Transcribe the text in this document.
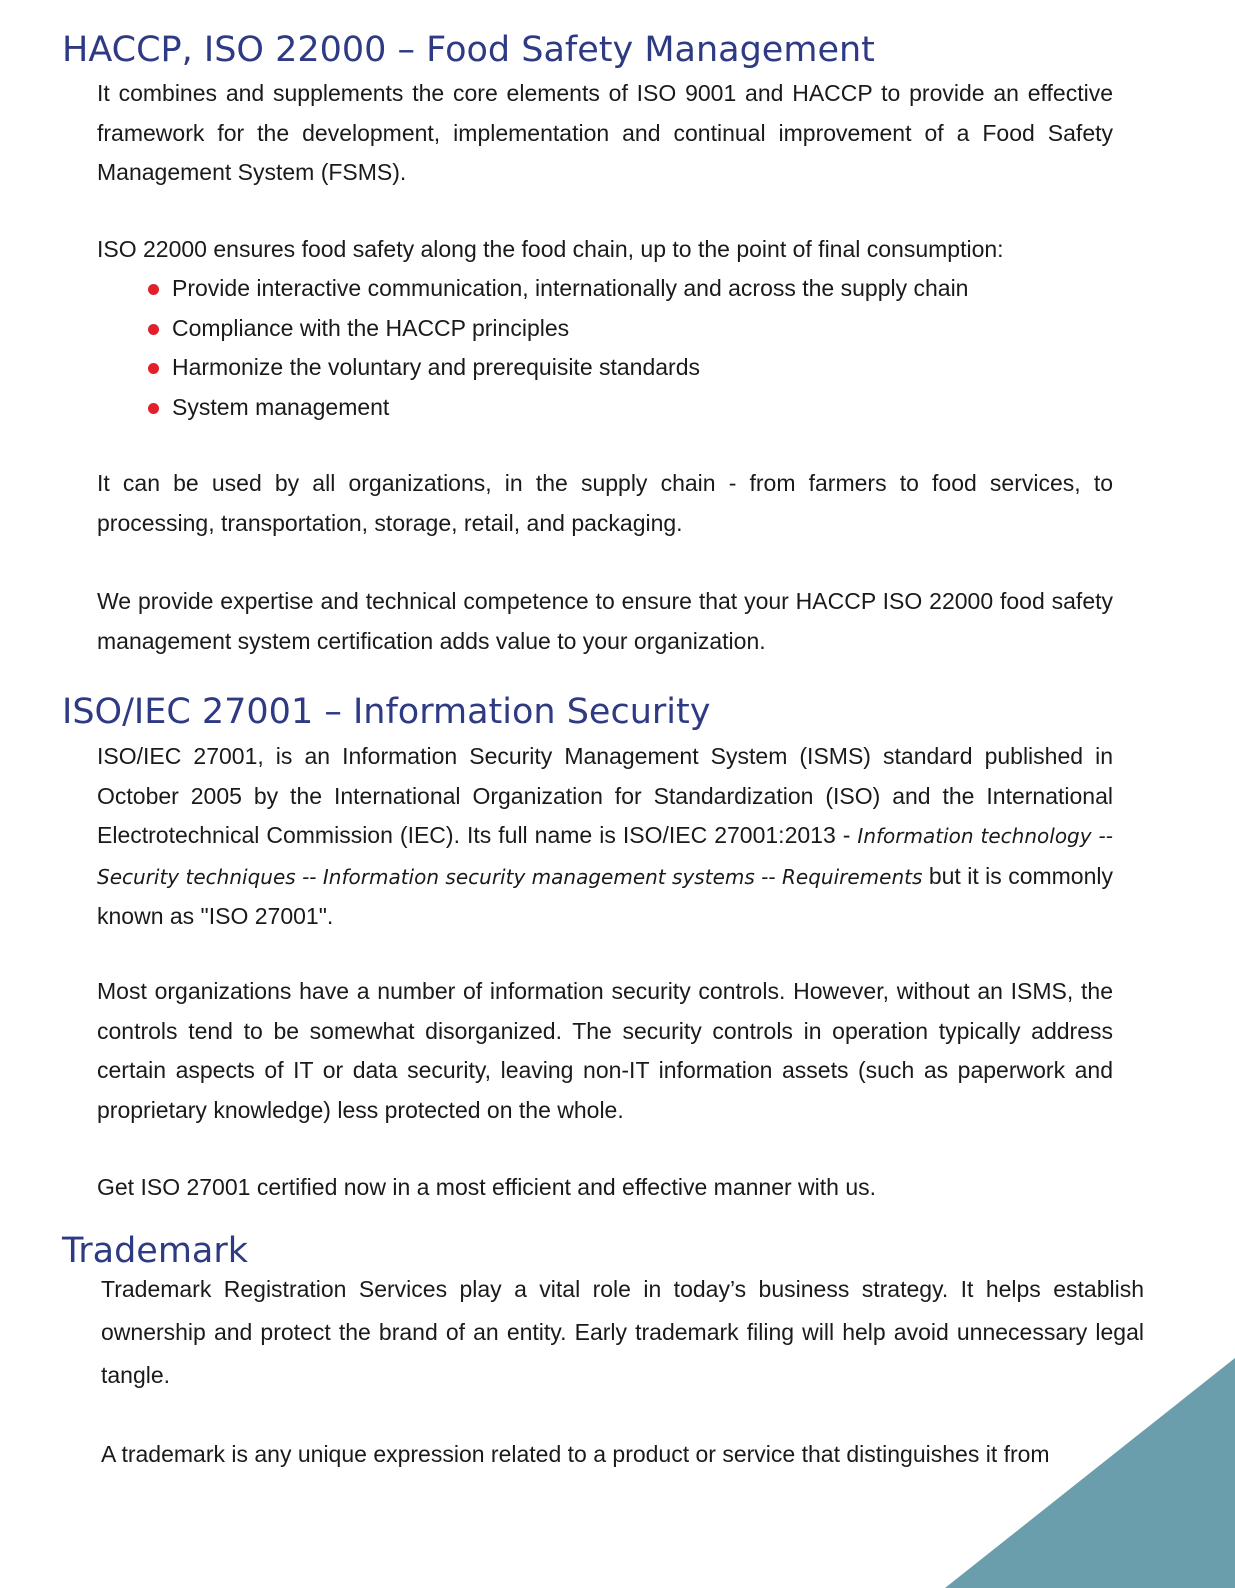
HACCP, ISO 22000 – Food Safety Management

It combines and supplements the core elements of ISO 9001 and HACCP to provide an effective framework for the development, implementation and continual improvement of a Food Safety Management System (FSMS).

ISO 22000 ensures food safety along the food chain, up to the point of final consumption:

Provide interactive communication, internationally and across the supply chain
Compliance with the HACCP principles
Harmonize the voluntary and prerequisite standards
System management

It can be used by all organizations, in the supply chain - from farmers to food services, to processing, transportation, storage, retail, and packaging.

We provide expertise and technical competence to ensure that your HACCP ISO 22000 food safety management system certification adds value to your organization.

ISO/IEC 27001 – Information Security

ISO/IEC 27001, is an Information Security Management System (ISMS) standard published in October 2005 by the International Organization for Standardization (ISO) and the International Electrotechnical Commission (IEC). Its full name is ISO/IEC 27001:2013 - Information technology -- Security techniques -- Information security management systems -- Requirements but it is commonly known as "ISO 27001".

Most organizations have a number of information security controls. However, without an ISMS, the controls tend to be somewhat disorganized. The security controls in operation typically address certain aspects of IT or data security, leaving non-IT information assets (such as paperwork and proprietary knowledge) less protected on the whole.

Get ISO 27001 certified now in a most efficient and effective manner with us.

Trademark

Trademark Registration Services play a vital role in today’s business strategy. It helps establish ownership and protect the brand of an entity. Early trademark filing will help avoid unnecessary legal tangle.

A trademark is any unique expression related to a product or service that distinguishes it from
